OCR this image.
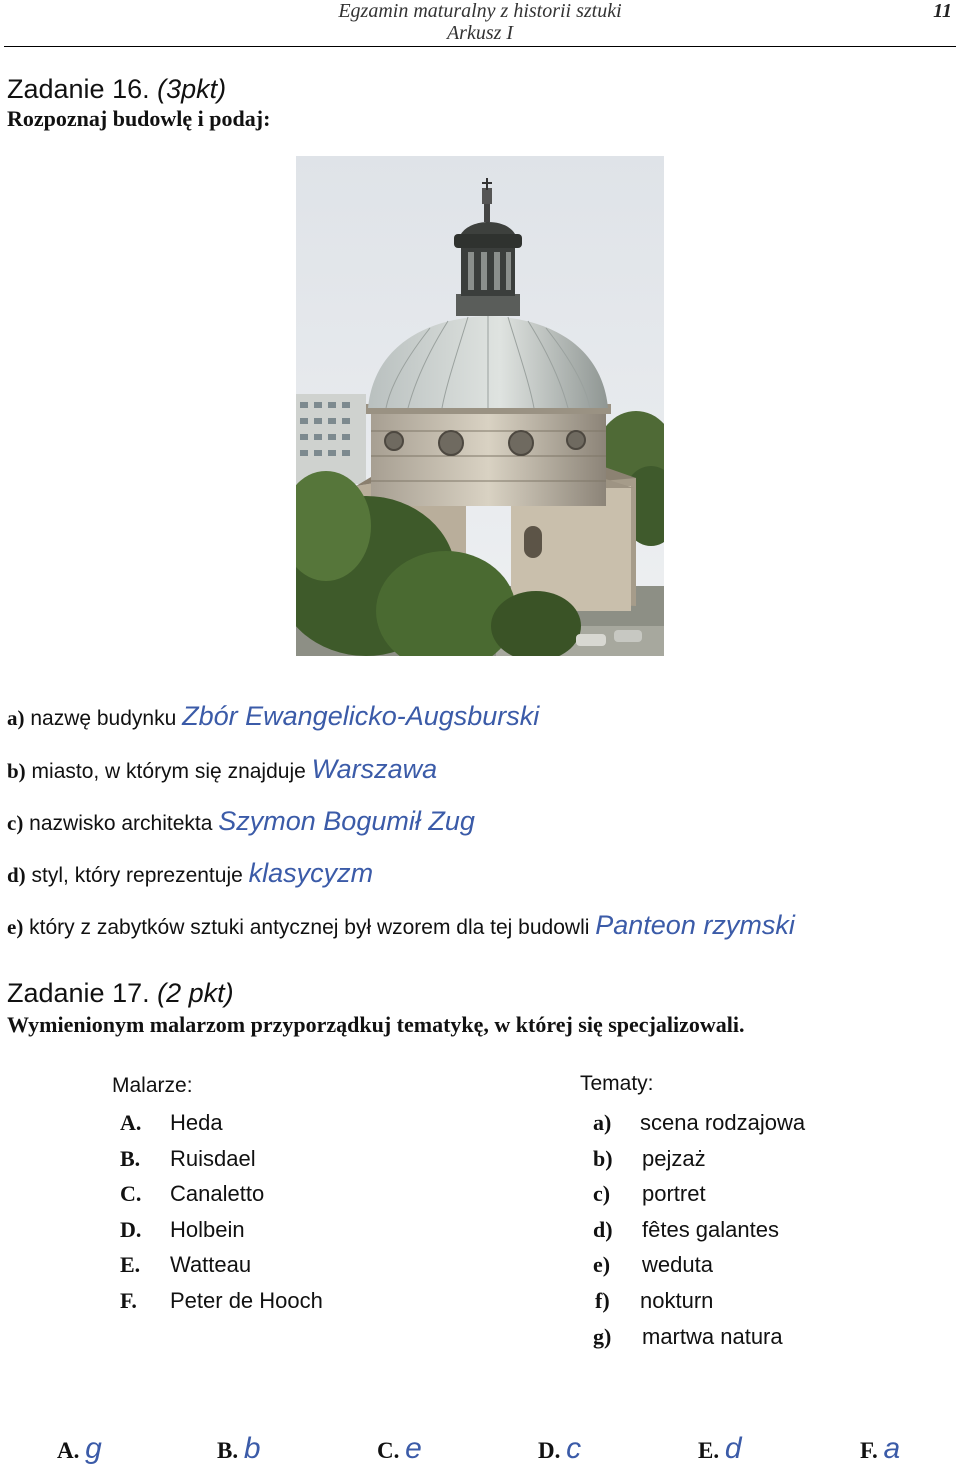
Egzamin maturalny z historii sztuki
Arkusz I
11
Zadanie 16. (3pkt)
Rozpoznaj budowlę i podaj:
a) nazwę budynku Zbór Ewangelicko-Augsburski
b) miasto, w którym się znajduje Warszawa
c) nazwisko architekta Szymon Bogumił Zug
d) styl, który reprezentuje klasycyzm
e) który z zabytków sztuki antycznej był wzorem dla tej budowli Panteon rzymski
Zadanie 17. (2 pkt)
Wymienionym malarzom przyporządkuj tematykę, w której się specjalizowali.
Malarze:	Tematy:
A. Heda
B. Ruisdael
C. Canaletto
D. Holbein
E. Watteau
F. Peter de Hooch
a) scena rodzajowa
b) pejzaż
c) portret
d) fêtes galantes
e) weduta
f) nokturn
g) martwa natura
A. g	B. b	C. e	D. c	E. d	F. a
